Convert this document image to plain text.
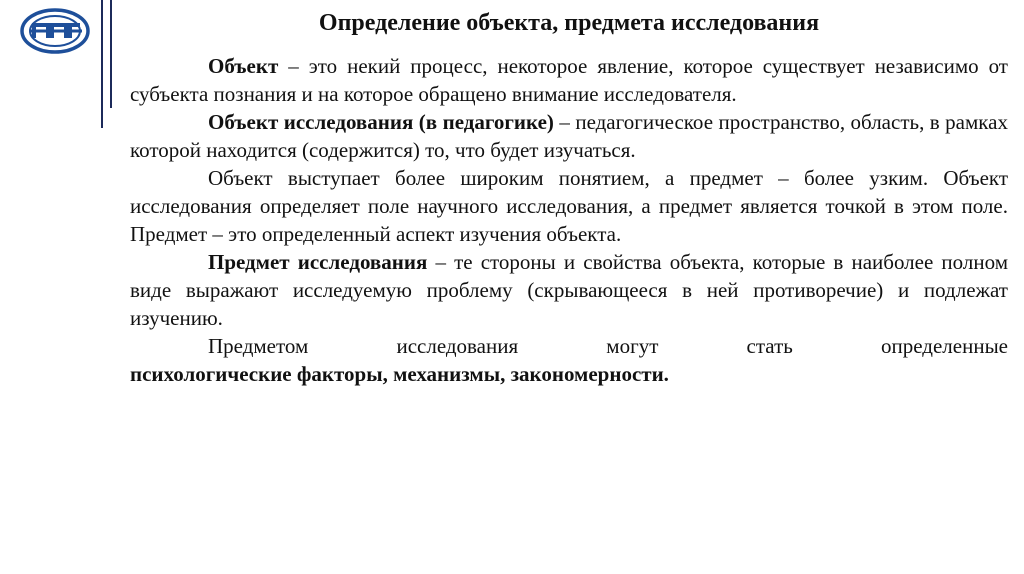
Определение объекта, предмета исследования

Объект – это некий процесс, некоторое явление, которое существует независимо от субъекта познания и на которое обращено внимание исследователя.

Объект исследования (в педагогике) – педагогическое пространство, область, в рамках которой находится (содержится) то, что будет изучаться.

Объект выступает более широким понятием, а предмет – более узким. Объект исследования определяет поле научного исследования, а предмет является точкой в этом поле. Предмет – это определенный аспект изучения объекта.

Предмет исследования – те стороны и свойства объекта, которые в наиболее полном виде выражают исследуемую проблему (скрывающееся в ней противоречие) и подлежат изучению.

Предметом исследования могут стать определенные

психологические факторы, механизмы, закономерности.
